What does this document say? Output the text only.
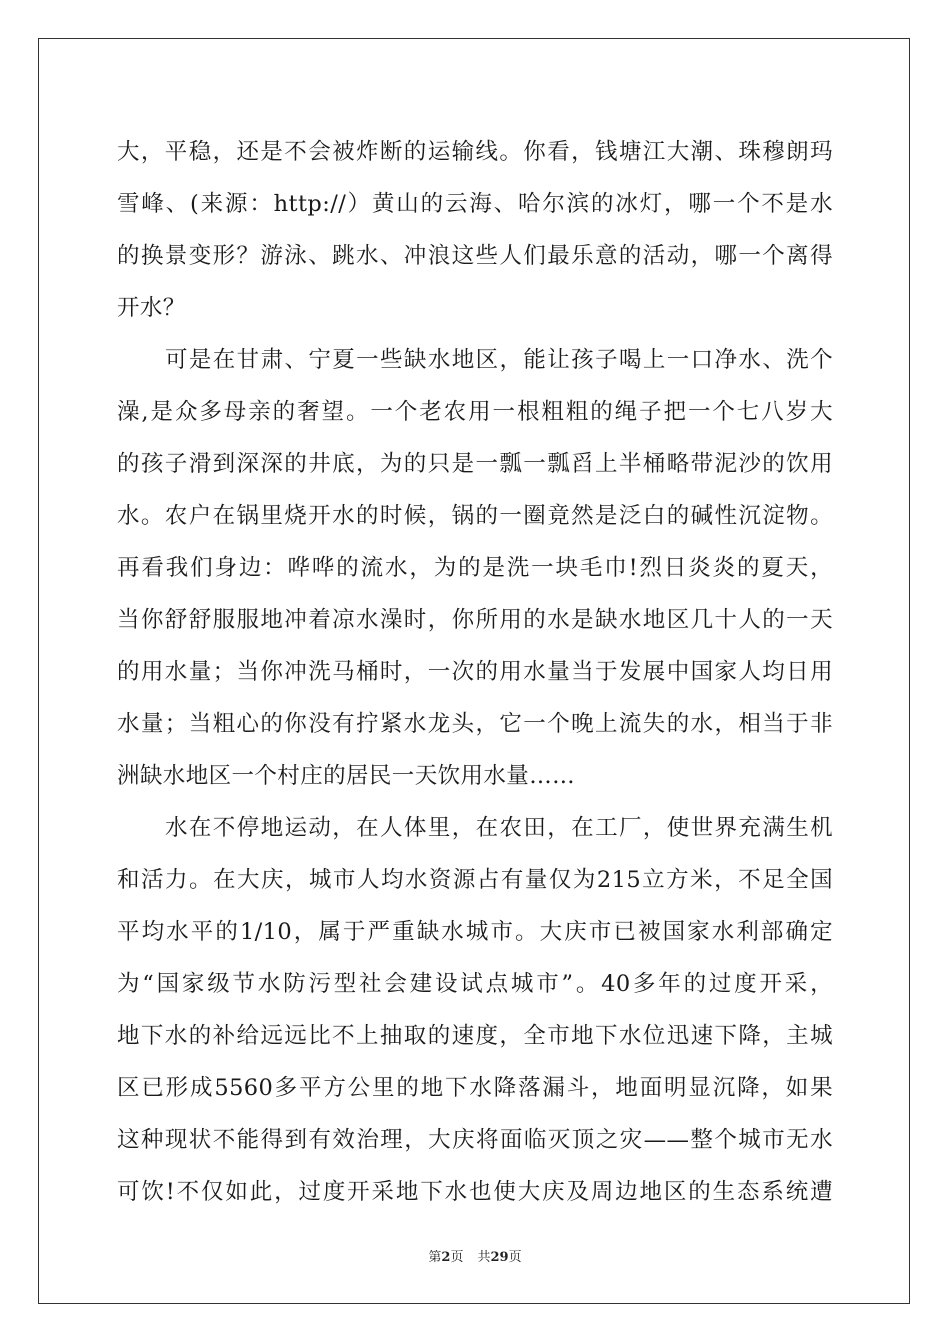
大，平稳，还是不会被炸断的运输线。你看，钱塘江大潮、珠穆朗玛
雪峰、(来源：http://）黄山的云海、哈尔滨的冰灯，哪一个不是水
的换景变形？游泳、跳水、冲浪这些人们最乐意的活动，哪一个离得
开水？
可是在甘肃、宁夏一些缺水地区，能让孩子喝上一口净水、洗个
澡,是众多母亲的奢望。一个老农用一根粗粗的绳子把一个七八岁大
的孩子滑到深深的井底，为的只是一瓢一瓢舀上半桶略带泥沙的饮用
水。农户在锅里烧开水的时候，锅的一圈竟然是泛白的碱性沉淀物。
再看我们身边：哗哗的流水，为的是洗一块毛巾!烈日炎炎的夏天，
当你舒舒服服地冲着凉水澡时，你所用的水是缺水地区几十人的一天
的用水量；当你冲洗马桶时，一次的用水量当于发展中国家人均日用
水量；当粗心的你没有拧紧水龙头，它一个晚上流失的水，相当于非
洲缺水地区一个村庄的居民一天饮用水量……
水在不停地运动，在人体里，在农田，在工厂，使世界充满生机
和活力。在大庆，城市人均水资源占有量仅为215立方米，不足全国
平均水平的1/10，属于严重缺水城市。大庆市已被国家水利部确定
为“国家级节水防污型社会建设试点城市”。40多年的过度开采，
地下水的补给远远比不上抽取的速度，全市地下水位迅速下降，主城
区已形成5560多平方公里的地下水降落漏斗，地面明显沉降，如果
这种现状不能得到有效治理，大庆将面临灭顶之灾——整个城市无水
可饮!不仅如此，过度开采地下水也使大庆及周边地区的生态系统遭
第2页 共29页
